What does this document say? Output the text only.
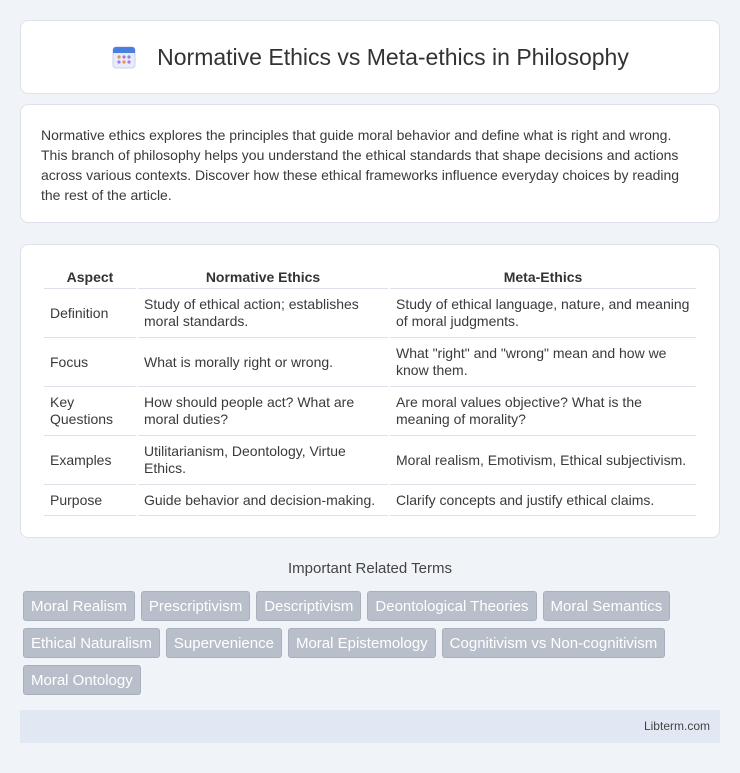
Normative Ethics vs Meta-ethics in Philosophy

Normative ethics explores the principles that guide moral behavior and define what is right and wrong. This branch of philosophy helps you understand the ethical standards that shape decisions and actions across various contexts. Discover how these ethical frameworks influence everyday choices by reading the rest of the article.

Aspect	Normative Ethics	Meta-Ethics
Definition	Study of ethical action; establishes moral standards.	Study of ethical language, nature, and meaning of moral judgments.
Focus	What is morally right or wrong.	What "right" and "wrong" mean and how we know them.
Key Questions	How should people act? What are moral duties?	Are moral values objective? What is the meaning of morality?
Examples	Utilitarianism, Deontology, Virtue Ethics.	Moral realism, Emotivism, Ethical subjectivism.
Purpose	Guide behavior and decision-making.	Clarify concepts and justify ethical claims.
Important Related Terms
Moral Realism	Prescriptivism	Descriptivism	Deontological Theories	Moral Semantics
Ethical Naturalism	Supervenience	Moral Epistemology	Cognitivism vs Non-cognitivism
Moral Ontology
Libterm.com
